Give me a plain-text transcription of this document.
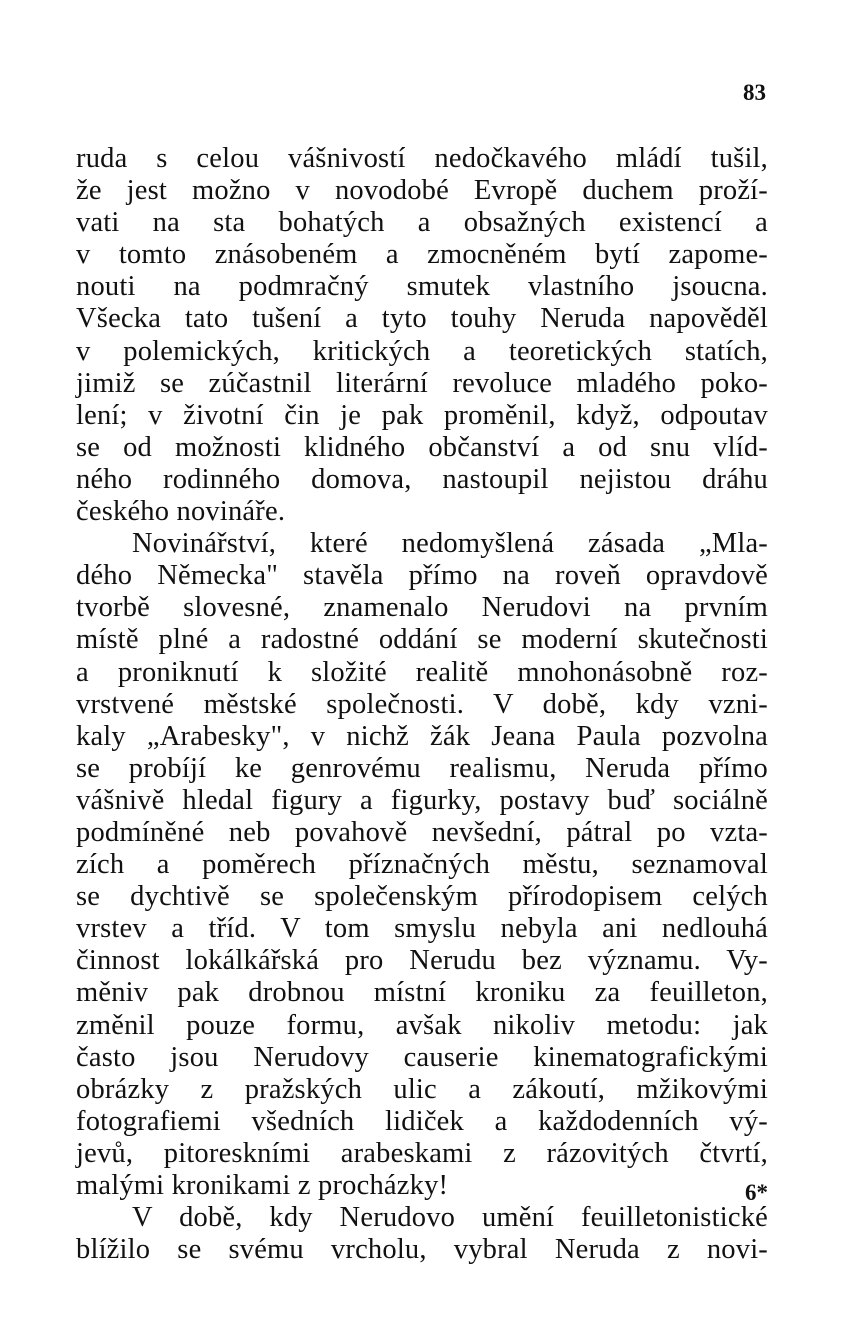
83
ruda s celou vášnivostí nedočkavého mládí tušil,
že jest možno v novodobé Evropě duchem proží-
vati na sta bohatých a obsažných existencí a
v tomto znásobeném a zmocněném bytí zapome-
nouti na podmračný smutek vlastního jsoucna.
Všecka tato tušení a tyto touhy Neruda napověděl
v polemických, kritických a teoretických statích,
jimiž se zúčastnil literární revoluce mladého poko-
lení; v životní čin je pak proměnil, když, odpoutav
se od možnosti klidného občanství a od snu vlíd-
ného rodinného domova, nastoupil nejistou dráhu
českého novináře.
Novinářství, které nedomyšlená zásada „Mla-
dého Německa" stavěla přímo na roveň opravdově
tvorbě slovesné, znamenalo Nerudovi na prvním
místě plné a radostné oddání se moderní skutečnosti
a proniknutí k složité realitě mnohonásobně roz-
vrstvené městské společnosti. V době, kdy vzni-
kaly „Arabesky", v nichž žák Jeana Paula pozvolna
se probíjí ke genrovému realismu, Neruda přímo
vášnivě hledal figury a figurky, postavy buď sociálně
podmíněné neb povahově nevšední, pátral po vzta-
zích a poměrech příznačných městu, seznamoval
se dychtivě se společenským přírodopisem celých
vrstev a tříd. V tom smyslu nebyla ani nedlouhá
činnost lokálkářská pro Nerudu bez významu. Vy-
měniv pak drobnou místní kroniku za feuilleton,
změnil pouze formu, avšak nikoliv metodu: jak
často jsou Nerudovy causerie kinematografickými
obrázky z pražských ulic a zákoutí, mžikovými
fotografiemi všedních lidiček a každodenních vý-
jevů, pitoreskními arabeskami z rázovitých čtvrtí,
malými kronikami z procházky!
V době, kdy Nerudovo umění feuilletonistické
blížilo se svému vrcholu, vybral Neruda z novi-
6*
